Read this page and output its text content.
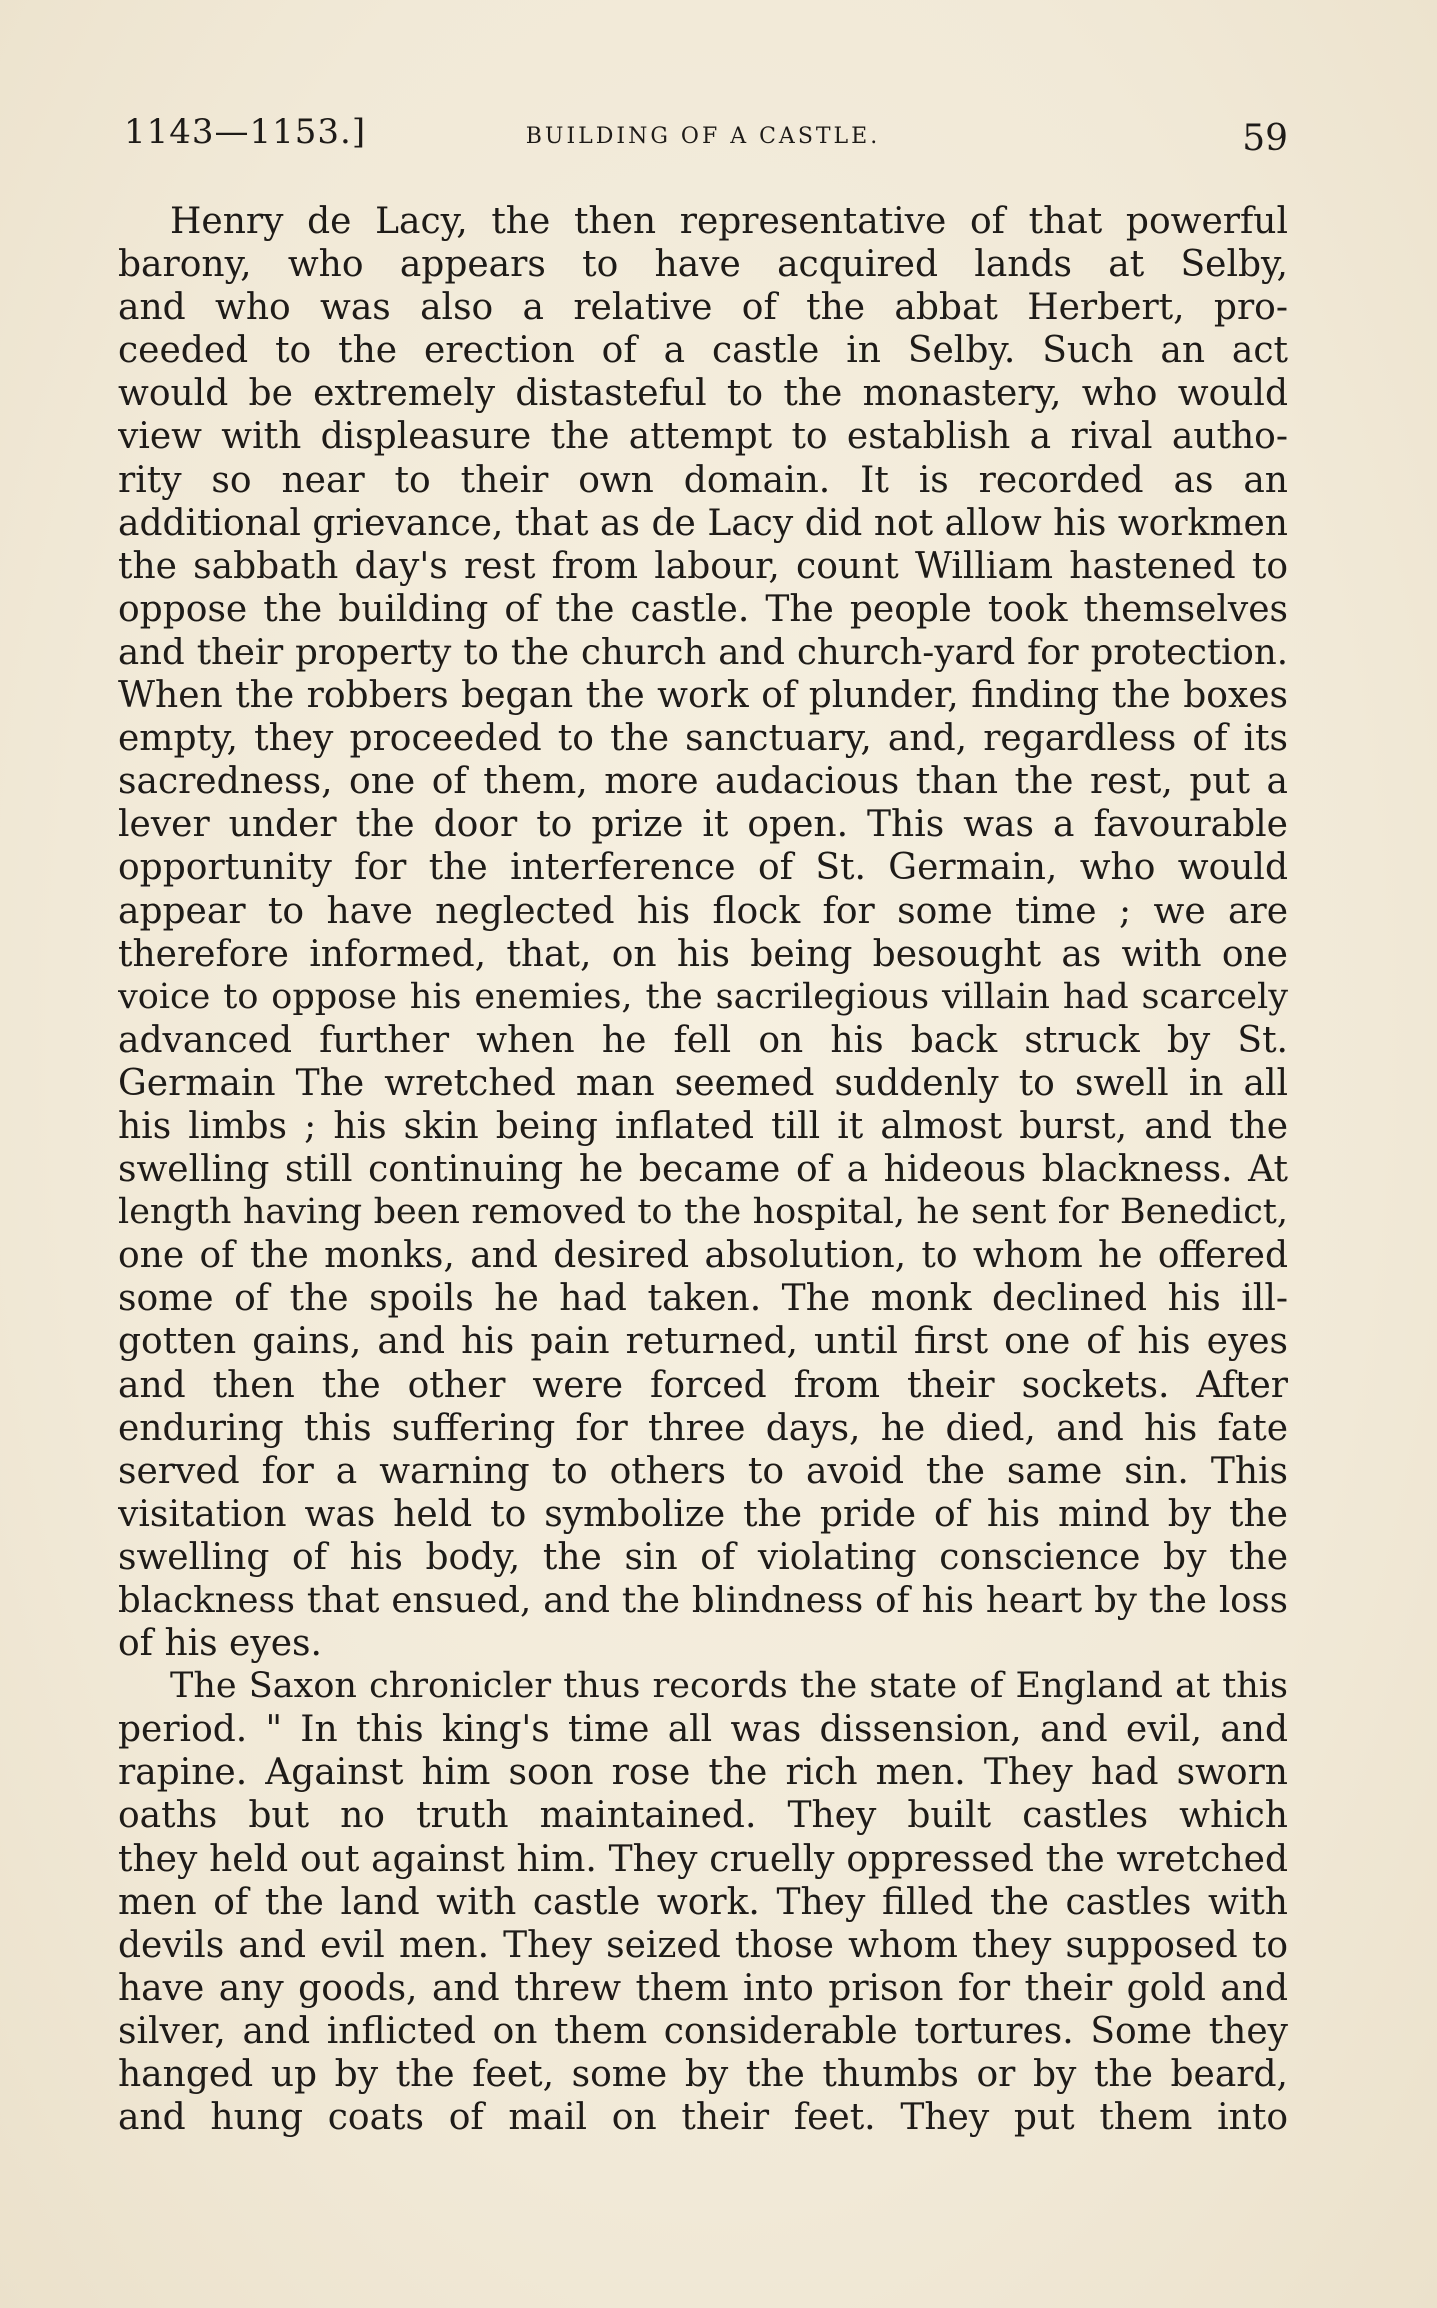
1143—1153.]	BUILDING OF A CASTLE.	59
Henry de Lacy, the then representative of that powerful
barony, who appears to have acquired lands at Selby,
and who was also a relative of the abbat Herbert, pro-
ceeded to the erection of a castle in Selby. Such an act
would be extremely distasteful to the monastery, who would
view with displeasure the attempt to establish a rival autho-
rity so near to their own domain. It is recorded as an
additional grievance, that as de Lacy did not allow his workmen
the sabbath day's rest from labour, count William hastened to
oppose the building of the castle. The people took themselves
and their property to the church and church-yard for protection.
When the robbers began the work of plunder, finding the boxes
empty, they proceeded to the sanctuary, and, regardless of its
sacredness, one of them, more audacious than the rest, put a
lever under the door to prize it open. This was a favourable
opportunity for the interference of St. Germain, who would
appear to have neglected his flock for some time ; we are
therefore informed, that, on his being besought as with one
voice to oppose his enemies, the sacrilegious villain had scarcely
advanced further when he fell on his back struck by St.
Germain The wretched man seemed suddenly to swell in all
his limbs ; his skin being inflated till it almost burst, and the
swelling still continuing he became of a hideous blackness. At
length having been removed to the hospital, he sent for Benedict,
one of the monks, and desired absolution, to whom he offered
some of the spoils he had taken. The monk declined his ill-
gotten gains, and his pain returned, until first one of his eyes
and then the other were forced from their sockets. After
enduring this suffering for three days, he died, and his fate
served for a warning to others to avoid the same sin. This
visitation was held to symbolize the pride of his mind by the
swelling of his body, the sin of violating conscience by the
blackness that ensued, and the blindness of his heart by the loss
of his eyes.
The Saxon chronicler thus records the state of England at this
period. " In this king's time all was dissension, and evil, and
rapine. Against him soon rose the rich men. They had sworn
oaths but no truth maintained. They built castles which
they held out against him. They cruelly oppressed the wretched
men of the land with castle work. They filled the castles with
devils and evil men. They seized those whom they supposed to
have any goods, and threw them into prison for their gold and
silver, and inflicted on them considerable tortures. Some they
hanged up by the feet, some by the thumbs or by the beard,
and hung coats of mail on their feet. They put them into
